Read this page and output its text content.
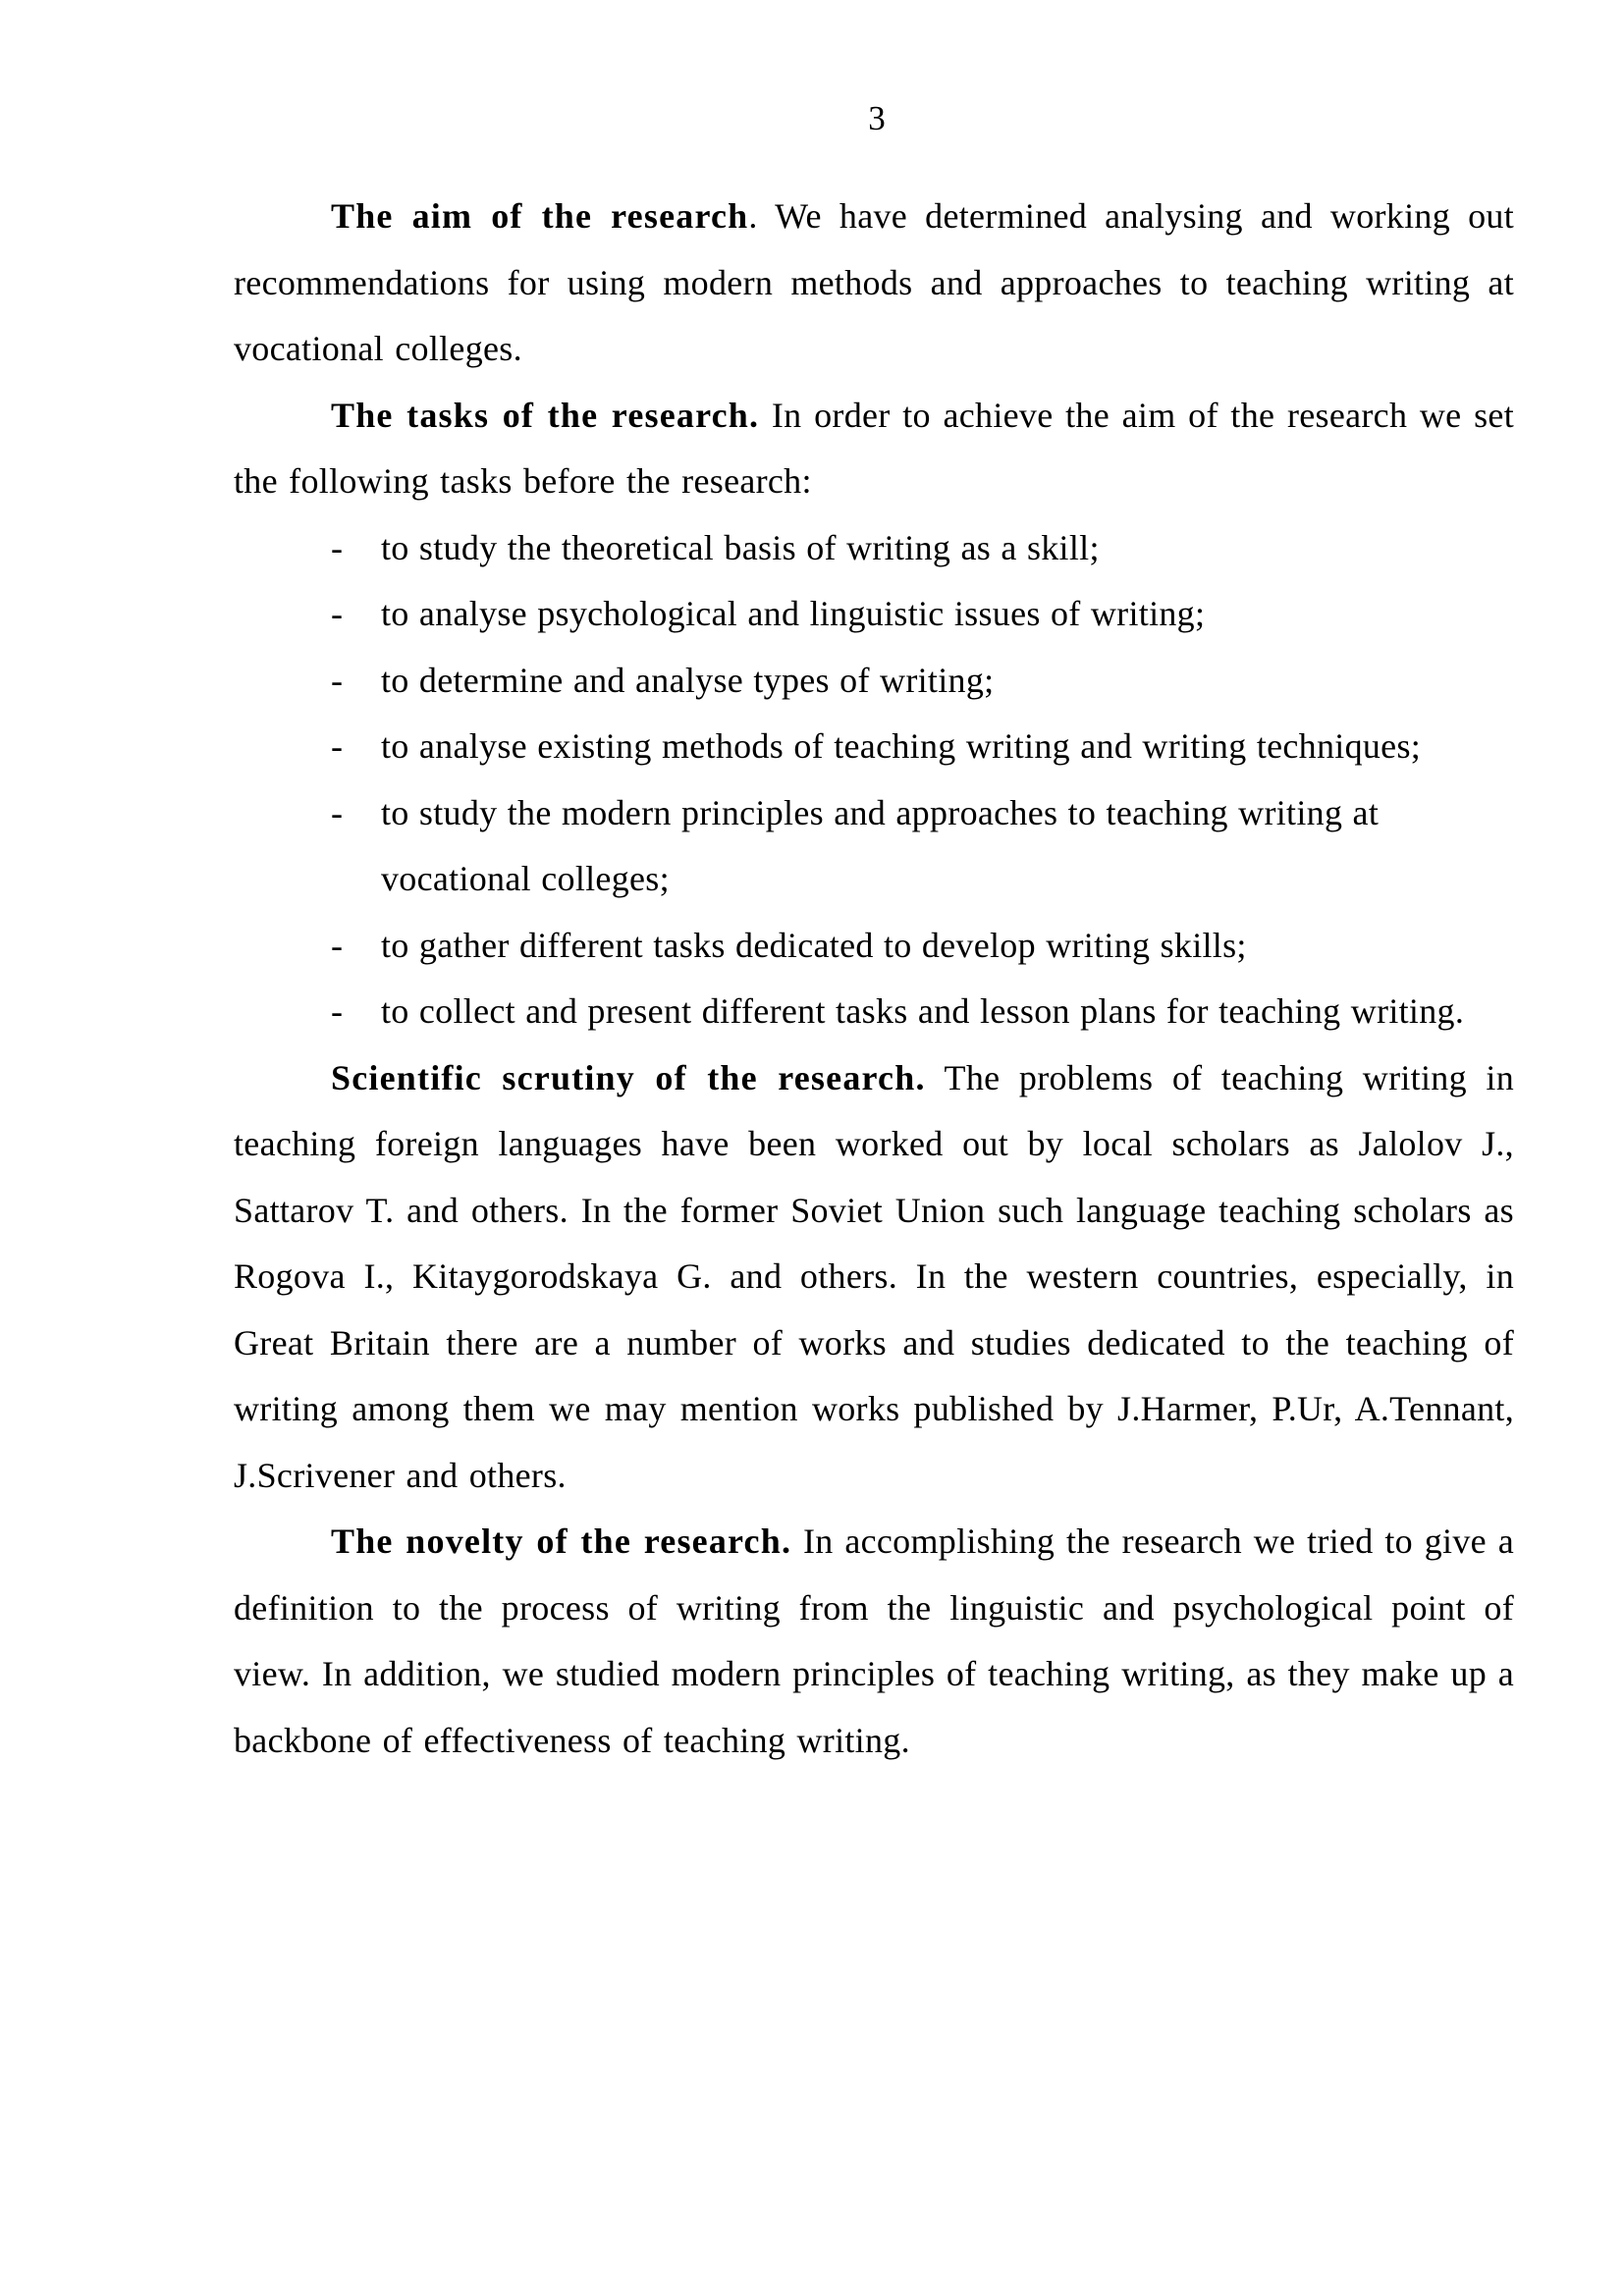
3

The aim of the research. We have determined analysing and working out recommendations for using modern methods and approaches to teaching writing at vocational colleges.

The tasks of the research. In order to achieve the aim of the research we set the following tasks before the research:

- to study the theoretical basis of writing as a skill;
- to analyse psychological and linguistic issues of writing;
- to determine and analyse types of writing;
- to analyse existing methods of teaching writing and writing techniques;
- to study the modern principles and approaches to teaching writing at vocational colleges;
- to gather different tasks dedicated to develop writing skills;
- to collect and present different tasks and lesson plans for teaching writing.

Scientific scrutiny of the research. The problems of teaching writing in teaching foreign languages have been worked out by local scholars as Jalolov J., Sattarov T. and others. In the former Soviet Union such language teaching scholars as Rogova I., Kitaygorodskaya G. and others. In the western countries, especially, in Great Britain there are a number of works and studies dedicated to the teaching of writing among them we may mention works published by J.Harmer, P.Ur, A.Tennant, J.Scrivener and others.

The novelty of the research. In accomplishing the research we tried to give a definition to the process of writing from the linguistic and psychological point of view. In addition, we studied modern principles of teaching writing, as they make up a backbone of effectiveness of teaching writing.
